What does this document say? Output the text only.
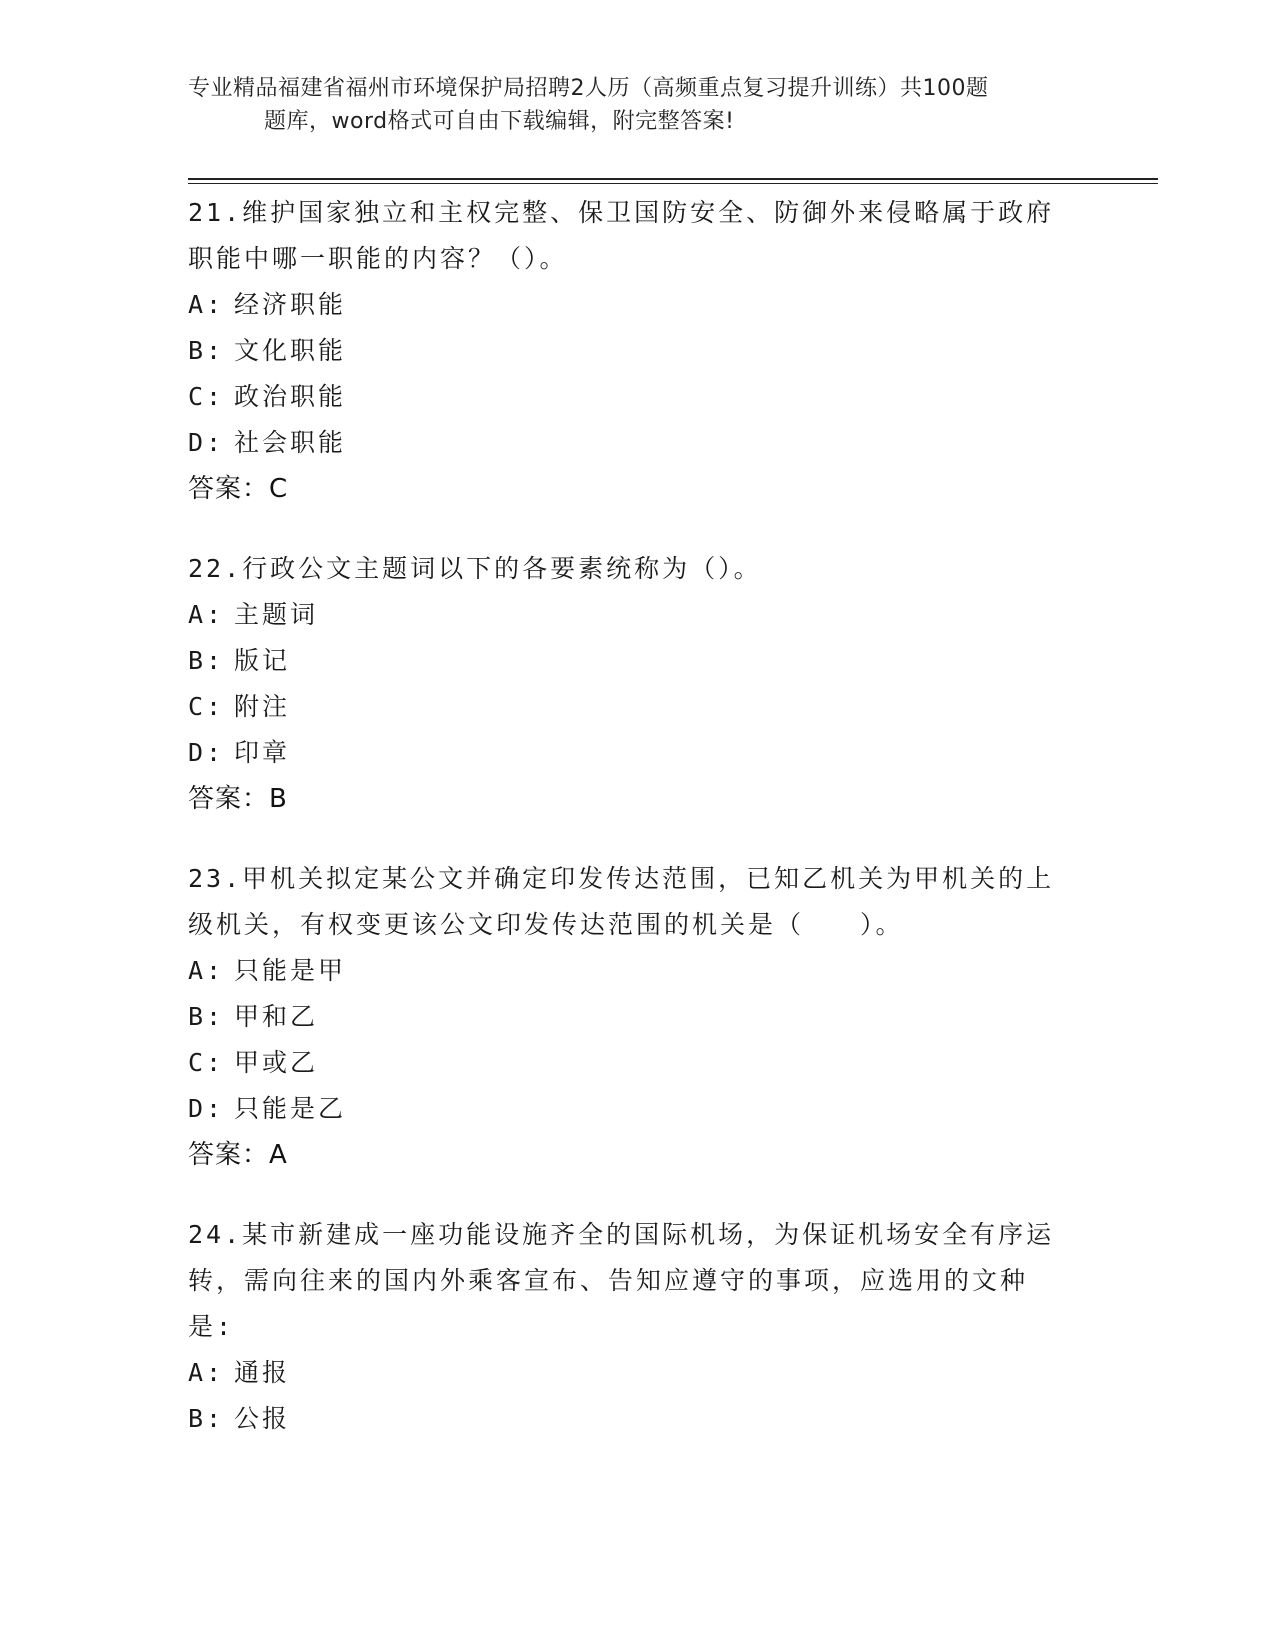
专业精品福建省福州市环境保护局招聘2人历（高频重点复习提升训练）共100题
题库，word格式可自由下载编辑，附完整答案!
21.维护国家独立和主权完整、保卫国防安全、防御外来侵略属于政府
职能中哪一职能的内容？（）。
A: 经济职能
B: 文化职能
C: 政治职能
D: 社会职能
答案：C
22.行政公文主题词以下的各要素统称为（）。
A: 主题词
B: 版记
C: 附注
D: 印章
答案：B
23.甲机关拟定某公文并确定印发传达范围，已知乙机关为甲机关的上
级机关，有权变更该公文印发传达范围的机关是（　　）。
A: 只能是甲
B: 甲和乙
C: 甲或乙
D: 只能是乙
答案：A
24.某市新建成一座功能设施齐全的国际机场，为保证机场安全有序运
转，需向往来的国内外乘客宣布、告知应遵守的事项，应选用的文种
是:
A: 通报
B: 公报
